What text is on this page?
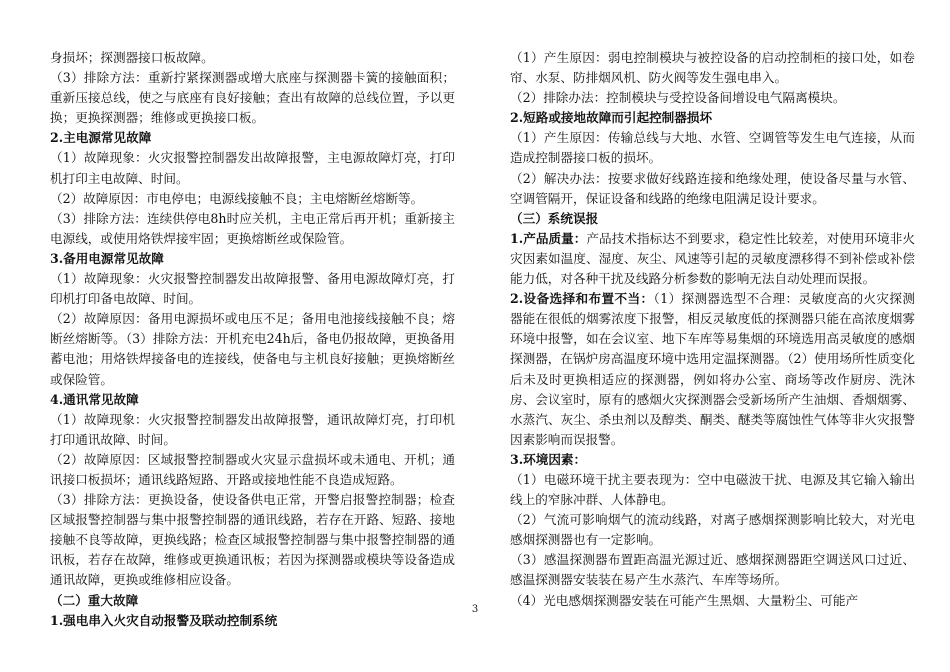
身损坏；探测器接口板故障。

（3）排除方法：重新拧紧探测器或增大底座与探测器卡簧的接触面积；重新压接总线，使之与底座有良好接触；查出有故障的总线位置，予以更换；更换探测器；维修或更换接口板。

2.主电源常见故障

（1）故障现象：火灾报警控制器发出故障报警，主电源故障灯亮，打印机打印主电故障、时间。

（2）故障原因：市电停电；电源线接触不良；主电熔断丝熔断等。

（3）排除方法：连续供停电8h时应关机，主电正常后再开机；重新接主电源线，或使用烙铁焊接牢固；更换熔断丝或保险管。

3.备用电源常见故障

（1）故障现象：火灾报警控制器发出故障报警、备用电源故障灯亮，打印机打印备电故障、时间。

（2）故障原因：备用电源损坏或电压不足；备用电池接线接触不良；熔断丝熔断等。（3）排除方法：开机充电24h后，备电仍报故障，更换备用蓄电池；用烙铁焊接备电的连接线，使备电与主机良好接触；更换熔断丝或保险管。

4.通讯常见故障

（1）故障现象：火灾报警控制器发出故障报警，通讯故障灯亮，打印机打印通讯故障、时间。

（2）故障原因：区域报警控制器或火灾显示盘损坏或未通电、开机；通讯接口板损坏；通讯线路短路、开路或接地性能不良造成短路。

（3）排除方法：更换设备，使设备供电正常，开警启报警控制器；检查区域报警控制器与集中报警控制器的通讯线路，若存在开路、短路、接地接触不良等故障，更换线路；检查区域报警控制器与集中报警控制器的通讯板，若存在故障，维修或更换通讯板；若因为探测器或模块等设备造成通讯故障，更换或维修相应设备。

（二）重大故障

1.强电串入火灾自动报警及联动控制系统

（1）产生原因：弱电控制模块与被控设备的启动控制柜的接口处，如卷帘、水泵、防排烟风机、防火阀等发生强电串入。

（2）排除办法：控制模块与受控设备间增设电气隔离模块。

2.短路或接地故障而引起控制器损坏

（1）产生原因：传输总线与大地、水管、空调管等发生电气连接，从而造成控制器接口板的损坏。

（2）解决办法：按要求做好线路连接和绝缘处理，使设备尽量与水管、空调管隔开，保证设备和线路的绝缘电阻满足设计要求。

（三）系统误报

1.产品质量：产品技术指标达不到要求，稳定性比较差，对使用环境非火灾因素如温度、湿度、灰尘、风速等引起的灵敏度漂移得不到补偿或补偿能力低，对各种干扰及线路分析参数的影响无法自动处理而误报。

2.设备选择和布置不当：（1）探测器选型不合理：灵敏度高的火灾探测器能在很低的烟雾浓度下报警，相反灵敏度低的探测器只能在高浓度烟雾环境中报警，如在会议室、地下车库等易集烟的环境选用高灵敏度的感烟探测器，在锅炉房高温度环境中选用定温探测器。（2）使用场所性质变化后未及时更换相适应的探测器，例如将办公室、商场等改作厨房、洗沐房、会议室时，原有的感烟火灾探测器会受新场所产生油烟、香烟烟雾、水蒸汽、灰尘、杀虫剂以及醇类、酮类、醚类等腐蚀性气体等非火灾报警因素影响而误报警。

3.环境因素：

（1）电磁环境干扰主要表现为：空中电磁波干扰、电源及其它输入输出线上的窄脉冲群、人体静电。

（2）气流可影响烟气的流动线路，对离子感烟探测影响比较大，对光电感烟探测器也有一定影响。

（3）感温探测器布置距高温光源过近、感烟探测器距空调送风口过近、感温探测器安装装在易产生水蒸汽、车库等场所。

（4）光电感烟探测器安装在可能产生黑烟、大量粉尘、可能产

3
